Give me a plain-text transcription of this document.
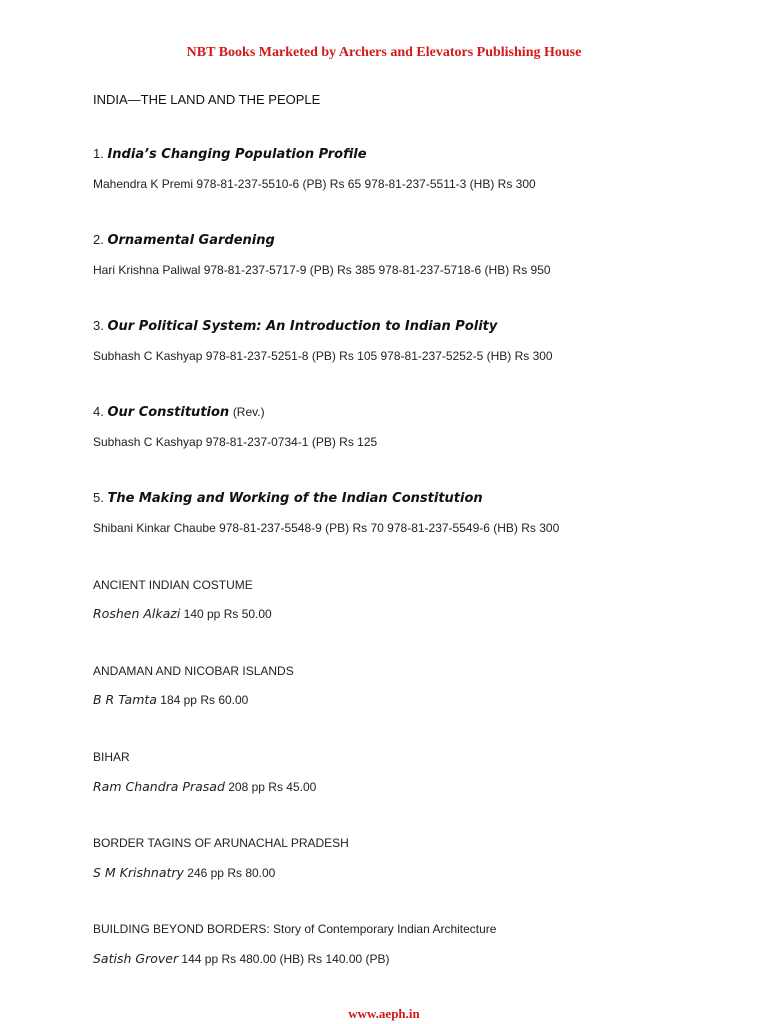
NBT Books Marketed by Archers and Elevators Publishing House
INDIA—THE LAND AND THE PEOPLE
1. India’s Changing Population Profile
Mahendra K Premi 978-81-237-5510-6 (PB) Rs 65 978-81-237-5511-3 (HB) Rs 300
2. Ornamental Gardening
Hari Krishna Paliwal 978-81-237-5717-9 (PB) Rs 385 978-81-237-5718-6 (HB) Rs 950
3. Our Political System: An Introduction to Indian Polity
Subhash C Kashyap 978-81-237-5251-8 (PB) Rs 105 978-81-237-5252-5 (HB) Rs 300
4. Our Constitution (Rev.)
Subhash C Kashyap 978-81-237-0734-1 (PB) Rs 125
5. The Making and Working of the Indian Constitution
Shibani Kinkar Chaube 978-81-237-5548-9 (PB) Rs 70 978-81-237-5549-6 (HB) Rs 300
ANCIENT INDIAN COSTUME
Roshen Alkazi 140 pp Rs 50.00
ANDAMAN AND NICOBAR ISLANDS
B R Tamta 184 pp Rs 60.00
BIHAR
Ram Chandra Prasad 208 pp Rs 45.00
BORDER TAGINS OF ARUNACHAL PRADESH
S M Krishnatry 246 pp Rs 80.00
BUILDING BEYOND BORDERS: Story of Contemporary Indian Architecture
Satish Grover 144 pp Rs 480.00 (HB) Rs 140.00 (PB)
www.aeph.in
